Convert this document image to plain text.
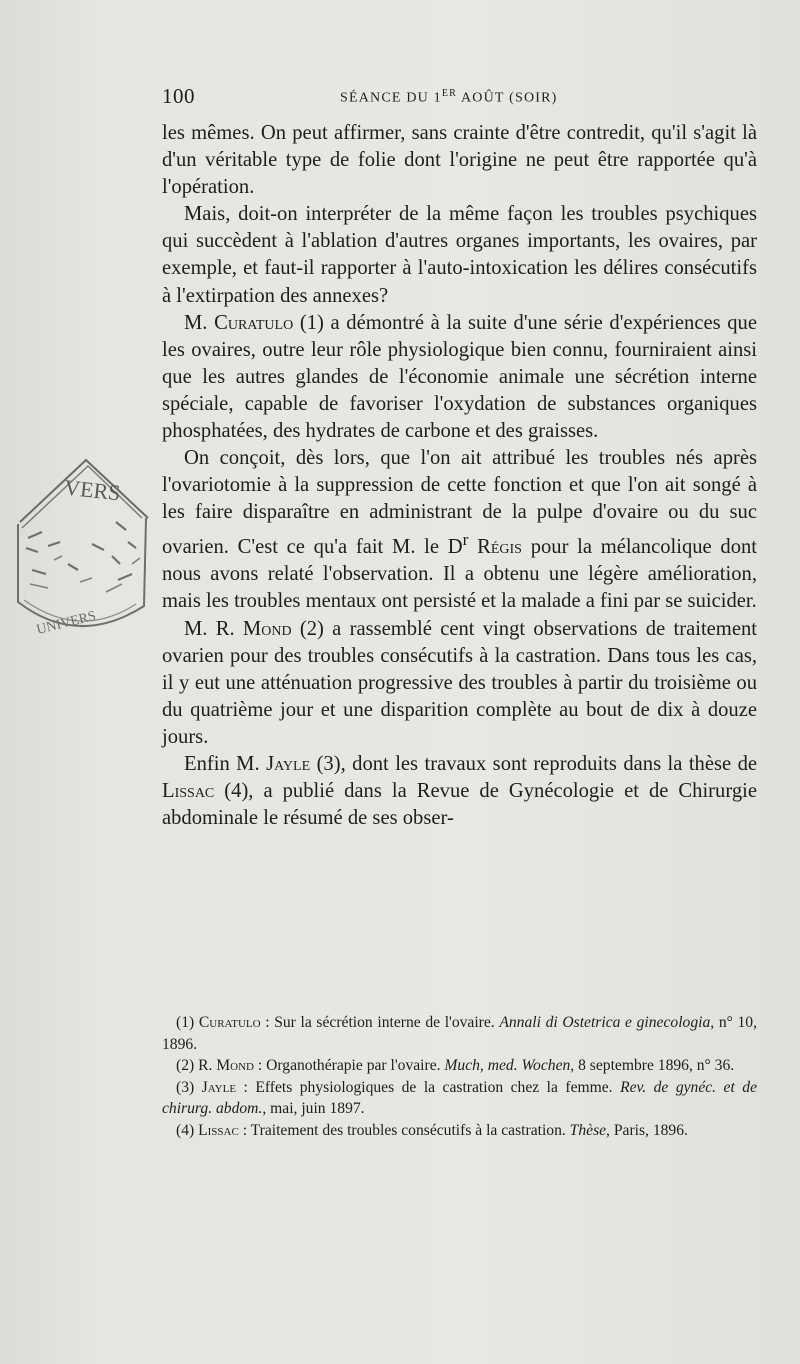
100	SÉANCE DU 1ER AOÛT (SOIR)
VERS
UNIVERS

les mêmes. On peut affirmer, sans crainte d'être contredit, qu'il s'agit là d'un véritable type de folie dont l'origine ne peut être rapportée qu'à l'opération.

Mais, doit-on interpréter de la même façon les troubles psychiques qui succèdent à l'ablation d'autres organes importants, les ovaires, par exemple, et faut-il rapporter à l'auto-intoxication les délires consécutifs à l'extirpation des annexes?

M. Curatulo (1) a démontré à la suite d'une série d'expériences que les ovaires, outre leur rôle physiologique bien connu, fourniraient ainsi que les autres glandes de l'économie animale une sécrétion interne spéciale, capable de favoriser l'oxydation de substances organiques phosphatées, des hydrates de carbone et des graisses.

On conçoit, dès lors, que l'on ait attribué les troubles nés après l'ovariotomie à la suppression de cette fonction et que l'on ait songé à les faire disparaître en administrant de la pulpe d'ovaire ou du suc ovarien. C'est ce qu'a fait M. le $D^r$ Régis pour la mélancolique dont nous avons relaté l'observation. Il a obtenu une légère amélioration, mais les troubles mentaux ont persisté et la malade a fini par se suicider.

M. R. Mond (2) a rassemblé cent vingt observations de traitement ovarien pour des troubles consécutifs à la castration. Dans tous les cas, il y eut une atténuation progressive des troubles à partir du troisième ou du quatrième jour et une disparition complète au bout de dix à douze jours.

Enfin M. Jayle (3), dont les travaux sont reproduits dans la thèse de Lissac (4), a publié dans la Revue de Gynécologie et de Chirurgie abdominale le résumé de ses obser-

(1) Curatulo : Sur la sécrétion interne de l'ovaire. Annali di Ostetrica e ginecologia, n° 10, 1896.

(2) R. Mond : Organothérapie par l'ovaire. Much, med. Wochen, 8 septembre 1896, n° 36.

(3) Jayle : Effets physiologiques de la castration chez la femme. Rev. de gynéc. et de chirurg. abdom., mai, juin 1897.

(4) Lissac : Traitement des troubles consécutifs à la castration. Thèse, Paris, 1896.
